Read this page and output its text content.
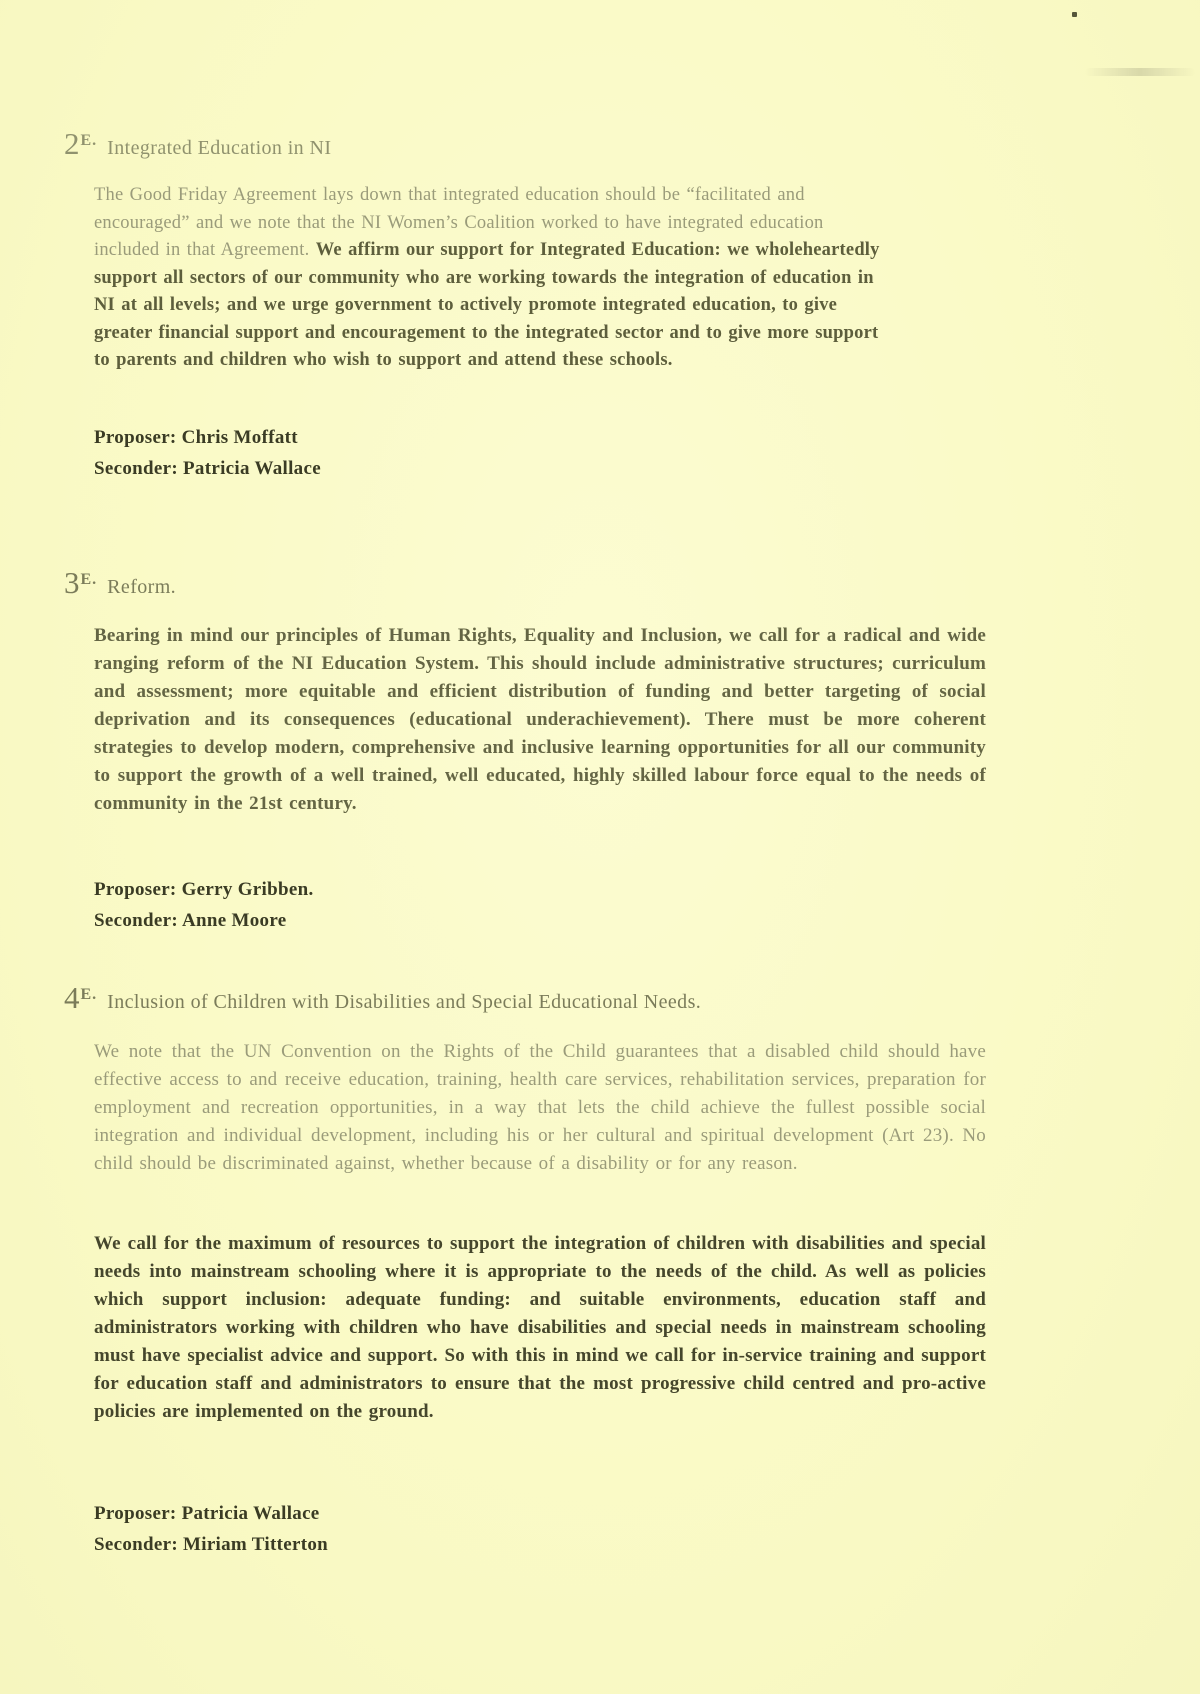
2E. Integrated Education in NI
The Good Friday Agreement lays down that integrated education should be “facilitated and encouraged” and we note that the NI Women’s Coalition worked to have integrated education included in that Agreement. We affirm our support for Integrated Education: we wholeheartedly support all sectors of our community who are working towards the integration of education in NI at all levels; and we urge government to actively promote integrated education, to give greater financial support and encouragement to the integrated sector and to give more support to parents and children who wish to support and attend these schools.
Proposer: Chris Moffatt
Seconder: Patricia Wallace
3E. Reform.
Bearing in mind our principles of Human Rights, Equality and Inclusion, we call for a radical and wide ranging reform of the NI Education System. This should include administrative structures; curriculum and assessment; more equitable and efficient distribution of funding and better targeting of social deprivation and its consequences (educational underachievement). There must be more coherent strategies to develop modern, comprehensive and inclusive learning opportunities for all our community to support the growth of a well trained, well educated, highly skilled labour force equal to the needs of community in the 21st century.
Proposer: Gerry Gribben.
Seconder: Anne Moore
4E. Inclusion of Children with Disabilities and Special Educational Needs.
We note that the UN Convention on the Rights of the Child guarantees that a disabled child should have effective access to and receive education, training, health care services, rehabilitation services, preparation for employment and recreation opportunities, in a way that lets the child achieve the fullest possible social integration and individual development, including his or her cultural and spiritual development (Art 23). No child should be discriminated against, whether because of a disability or for any reason.
We call for the maximum of resources to support the integration of children with disabilities and special needs into mainstream schooling where it is appropriate to the needs of the child. As well as policies which support inclusion: adequate funding: and suitable environments, education staff and administrators working with children who have disabilities and special needs in mainstream schooling must have specialist advice and support. So with this in mind we call for in-service training and support for education staff and administrators to ensure that the most progressive child centred and pro-active policies are implemented on the ground.
Proposer: Patricia Wallace
Seconder: Miriam Titterton
